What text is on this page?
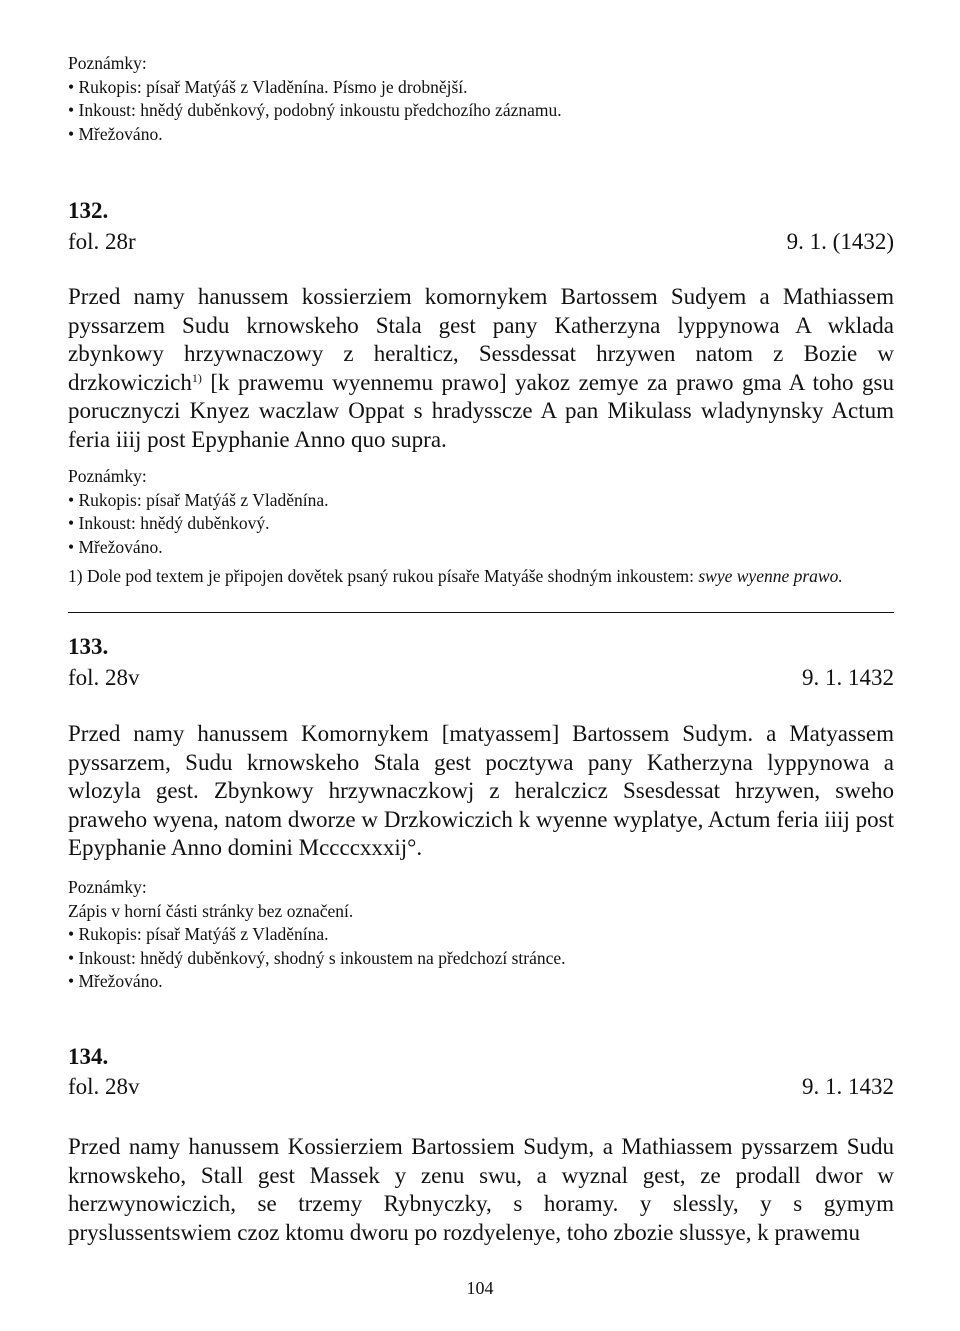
Poznámky:
• Rukopis: písař Matýáš z Vladěnína. Písmo je drobnější.
• Inkoust: hnědý duběnkový, podobný inkoustu předchozího záznamu.
• Mřežováno.
132.
fol. 28r	9. 1. (1432)
Przed namy hanussem kossierziem komornykem Bartossem Sudyem a Mathiassem pyssarzem Sudu krnowskeho Stala gest pany Katherzyna lyppynowa A wklada zbynkowy hrzywnaczowy z heralticz, Sessdessat hrzywen natom z Bozie w drzkowiczich$^{1)}$ [k prawemu wyennemu prawo] yakoz zemye za prawo gma A toho gsu porucznyczi Knyez waczlaw Oppat s hradysscze A pan Mikulass wladynynsky Actum feria iiij post Epyphanie Anno quo supra.
Poznámky:
• Rukopis: písař Matýáš z Vladěnína.
• Inkoust: hnědý duběnkový.
• Mřežováno.
1) Dole pod textem je připojen dovětek psaný rukou písaře Matyáše shodným inkoustem: swye wyenne prawo.
133.
fol. 28v	9. 1. 1432
Przed namy hanussem Komornykem [matyassem] Bartossem Sudym. a Matyassem pyssarzem, Sudu krnowskeho Stala gest pocztywa pany Katherzyna lyppynowa a wlozyla gest. Zbynkowy hrzywnaczkowj z heralczicz Ssesdessat hrzywen, sweho praweho wyena, natom dworze w Drzkowiczich k wyenne wyplatye, Actum feria iiij post Epyphanie Anno domini Mccccxxxij°.
Poznámky:
Zápis v horní části stránky bez označení.
• Rukopis: písař Matýáš z Vladěnína.
• Inkoust: hnědý duběnkový, shodný s inkoustem na předchozí stránce.
• Mřežováno.
134.
fol. 28v	9. 1. 1432
Przed namy hanussem Kossierziem Bartossiem Sudym, a Mathiassem pyssarzem Sudu krnowskeho, Stall gest Massek y zenu swu, a wyznal gest, ze prodall dwor w herzwynowiczich, se trzemy Rybnyczky, s horamy. y slessly, y s gymym pryslussentswiem czoz ktomu dworu po rozdyelenye, toho zbozie slussye, k prawemu
104
